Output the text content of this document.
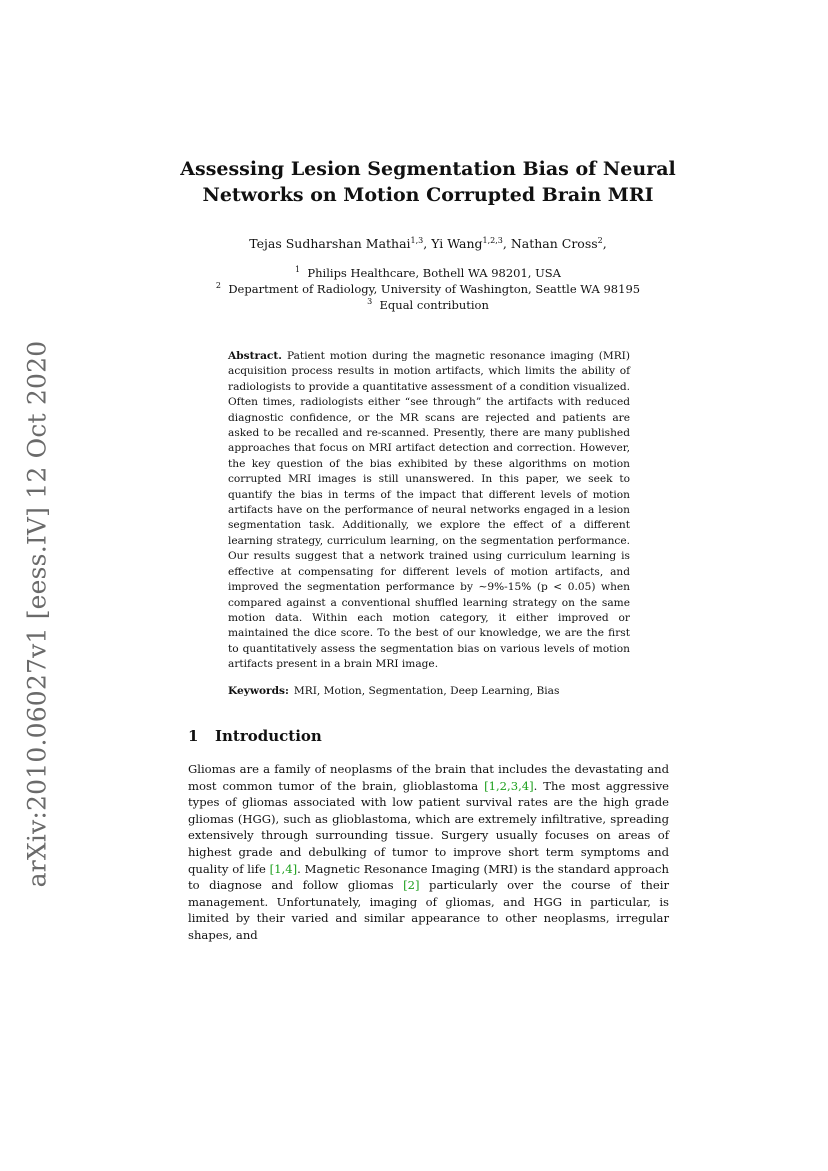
arXiv:2010.06027v1 [eess.IV] 12 Oct 2020
Assessing Lesion Segmentation Bias of Neural
Networks on Motion Corrupted Brain MRI
Tejas Sudharshan Mathai$^{1,3}$, Yi Wang$^{1,2,3}$, Nathan Cross$^2$,
$^1$ Philips Healthcare, Bothell WA 98201, USA
$^2$ Department of Radiology, University of Washington, Seattle WA 98195
$^3$ Equal contribution
Abstract. Patient motion during the magnetic resonance imaging (MRI) acquisition process results in motion artifacts, which limits the ability of radiologists to provide a quantitative assessment of a condition visualized. Often times, radiologists either “see through” the artifacts with reduced diagnostic confidence, or the MR scans are rejected and patients are asked to be recalled and re-scanned. Presently, there are many published approaches that focus on MRI artifact detection and correction. However, the key question of the bias exhibited by these algorithms on motion corrupted MRI images is still unanswered. In this paper, we seek to quantify the bias in terms of the impact that different levels of motion artifacts have on the performance of neural networks engaged in a lesion segmentation task. Additionally, we explore the effect of a different learning strategy, curriculum learning, on the segmentation performance. Our results suggest that a network trained using curriculum learning is effective at compensating for different levels of motion artifacts, and improved the segmentation performance by ∼9%-15% (p < 0.05) when compared against a conventional shuffled learning strategy on the same motion data. Within each motion category, it either improved or maintained the dice score. To the best of our knowledge, we are the first to quantitatively assess the segmentation bias on various levels of motion artifacts present in a brain MRI image.
Keywords: MRI, Motion, Segmentation, Deep Learning, Bias
1 Introduction
Gliomas are a family of neoplasms of the brain that includes the devastating and most common tumor of the brain, glioblastoma [1,2,3,4]. The most aggressive types of gliomas associated with low patient survival rates are the high grade gliomas (HGG), such as glioblastoma, which are extremely infiltrative, spreading extensively through surrounding tissue. Surgery usually focuses on areas of highest grade and debulking of tumor to improve short term symptoms and quality of life [1,4]. Magnetic Resonance Imaging (MRI) is the standard approach to diagnose and follow gliomas [2] particularly over the course of their management. Unfortunately, imaging of gliomas, and HGG in particular, is limited by their varied and similar appearance to other neoplasms, irregular shapes, and
